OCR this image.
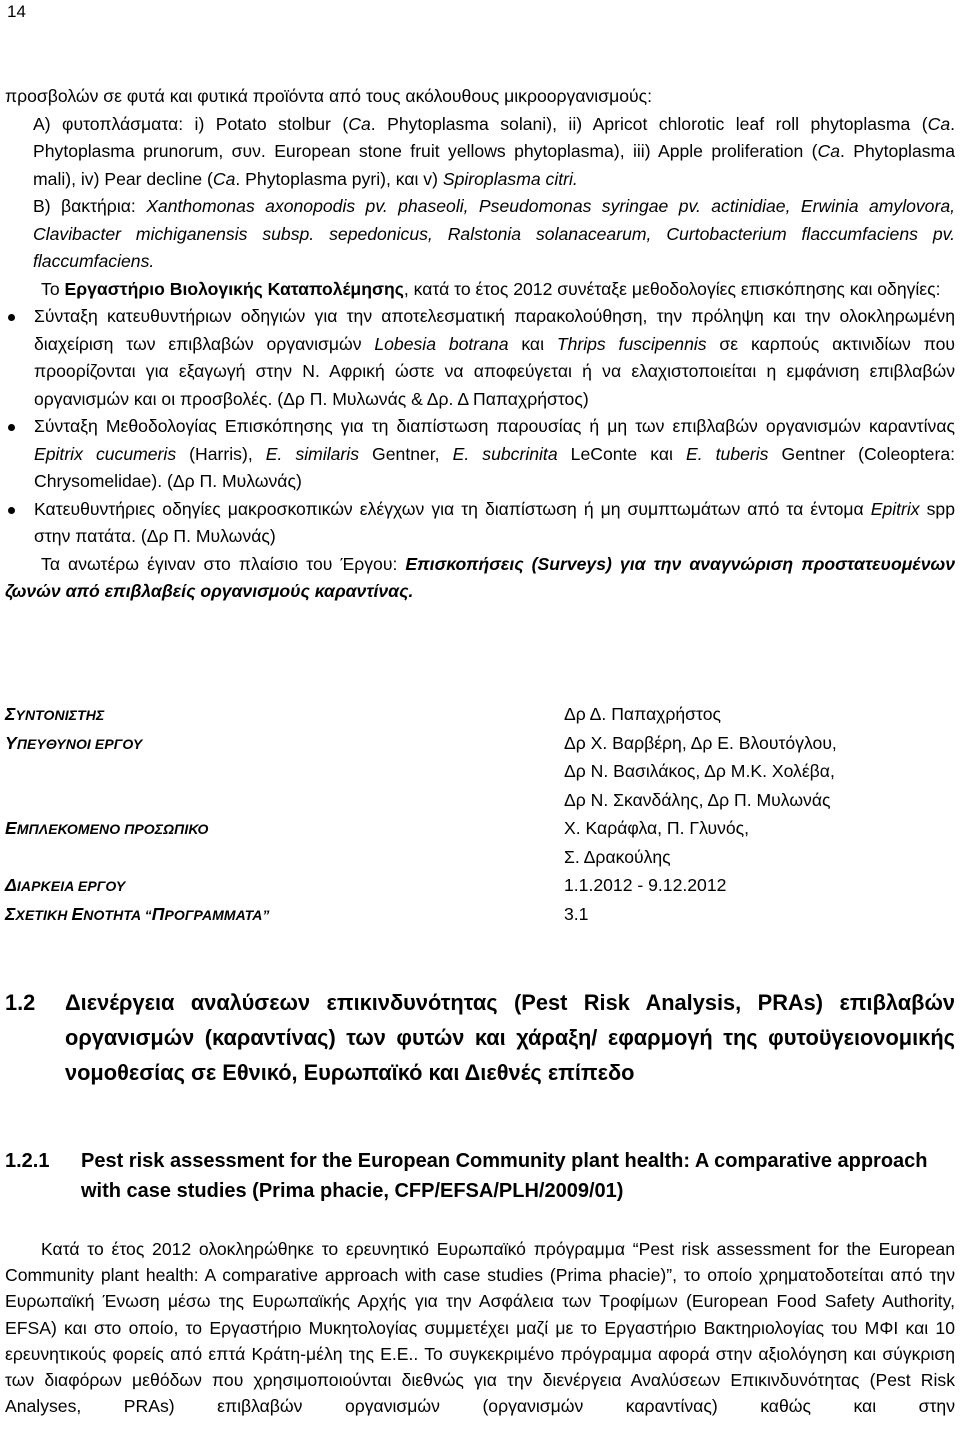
14

προσβολών σε φυτά και φυτικά προϊόντα από τους ακόλουθους μικροοργανισμούς:

Α) φυτοπλάσματα: i) Potato stolbur (Ca. Phytoplasma solani), ii) Apricot chlorotic leaf roll phytoplasma (Ca. Phytoplasma prunorum, συν. European stone fruit yellows phytoplasma), iii) Apple proliferation (Ca. Phytoplasma mali), iv) Pear decline (Ca. Phytoplasma pyri), και v) Spiroplasma citri.

Β) βακτήρια: Xanthomonas axonopodis pv. phaseoli, Pseudomonas syringae pv. actinidiae, Erwinia amylovora, Clavibacter michiganensis subsp. sepedonicus, Ralstonia solanacearum, Curtobacterium flaccumfaciens pv. flaccumfaciens.

Το Εργαστήριο Βιολογικής Καταπολέμησης, κατά το έτος 2012 συνέταξε μεθοδολογίες επισκόπησης και οδηγίες:

Σύνταξη κατευθυντήριων οδηγιών για την αποτελεσματική παρακολούθηση, την πρόληψη και την ολοκληρωμένη διαχείριση των επιβλαβών οργανισμών Lobesia botrana και Thrips fuscipennis σε καρπούς ακτινιδίων που προορίζονται για εξαγωγή στην Ν. Αφρική ώστε να αποφεύγεται ή να ελαχιστοποιείται η εμφάνιση επιβλαβών οργανισμών και οι προσβολές. (Δρ Π. Μυλωνάς & Δρ. Δ Παπαχρήστος)
Σύνταξη Μεθοδολογίας Επισκόπησης για τη διαπίστωση παρουσίας ή μη των επιβλαβών οργανισμών καραντίνας Epitrix cucumeris (Harris), E. similaris Gentner, E. subcrinita LeConte και E. tuberis Gentner (Coleoptera: Chrysomelidae). (Δρ Π. Μυλωνάς)
Κατευθυντήριες οδηγίες μακροσκοπικών ελέγχων για τη διαπίστωση ή μη συμπτωμάτων από τα έντομα Epitrix spp στην πατάτα. (Δρ Π. Μυλωνάς)

Τα ανωτέρω έγιναν στο πλαίσιο του Έργου: Επισκοπήσεις (Surveys) για την αναγνώριση προστατευομένων ζωνών από επιβλαβείς οργανισμούς καραντίνας.

ΣΥΝΤΟΝΙΣΤΗΣ	Δρ Δ. Παπαχρήστος
ΥΠΕΥΘΥΝΟΙ ΕΡΓΟΥ	Δρ Χ. Βαρβέρη, Δρ Ε. Βλουτόγλου,
Δρ Ν. Βασιλάκος, Δρ Μ.Κ. Χολέβα,
Δρ Ν. Σκανδάλης, Δρ Π. Μυλωνάς
ΕΜΠΛΕΚΟΜΕΝΟ ΠΡΟΣΩΠΙΚΟ	Χ. Καράφλα, Π. Γλυνός,
Σ. Δρακούλης
ΔΙΑΡΚΕΙΑ ΕΡΓΟΥ	1.1.2012 - 9.12.2012
ΣΧΕΤΙΚΗ ΕΝΟΤΗΤΑ “ΠΡΟΓΡΑΜΜΑΤΑ”	3.1
1.2	Διενέργεια αναλύσεων επικινδυνότητας (Pest Risk Analysis, PRAs) επιβλαβών οργανισμών (καραντίνας) των φυτών και χάραξη/ εφαρμογή της φυτοϋγειονομικής νομοθεσίας σε Εθνικό, Ευρωπαϊκό και Διεθνές επίπεδο
1.2.1	Pest risk assessment for the European Community plant health: A comparative approach with case studies (Prima phacie, CFP/EFSA/PLH/2009/01)

Κατά το έτος 2012 ολοκληρώθηκε το ερευνητικό Ευρωπαϊκό πρόγραμμα “Pest risk assessment for the European Community plant health: A comparative approach with case studies (Prima phacie)”, το οποίο χρηματοδοτείται από την Ευρωπαϊκή Ένωση μέσω της Ευρωπαϊκής Αρχής για την Ασφάλεια των Τροφίμων (European Food Safety Authority, EFSA) και στο οποίο, το Εργαστήριο Μυκητολογίας συμμετέχει μαζί με το Εργαστήριο Βακτηριολογίας του ΜΦΙ και 10 ερευνητικούς φορείς από επτά Κράτη-μέλη της Ε.Ε.. Το συγκεκριμένο πρόγραμμα αφορά στην αξιολόγηση και σύγκριση των διαφόρων μεθόδων που χρησιμοποιούνται διεθνώς για την διενέργεια Αναλύσεων Επικινδυνότητας (Pest Risk Analyses, PRAs) επιβλαβών οργανισμών (οργανισμών καραντίνας) καθώς και στην
